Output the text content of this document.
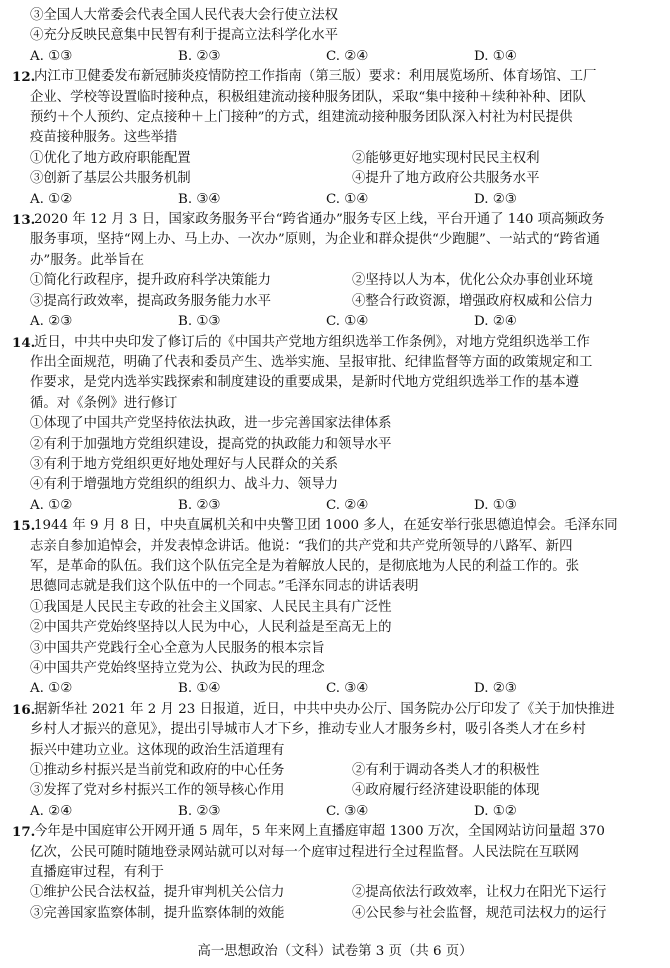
③全国人大常委会代表全国人民代表大会行使立法权
④充分反映民意集中民智有利于提高立法科学化水平
A. ①③	B. ②③	C. ②④	D. ①④
12.
内江市卫健委发布新冠肺炎疫情防控工作指南（第三版）要求：利用展览场所、体育场馆、工厂
企业、学校等设置临时接种点，积极组建流动接种服务团队，采取“集中接种＋续种补种、团队
预约＋个人预约、定点接种＋上门接种”的方式，组建流动接种服务团队深入村社为村民提供
疫苗接种服务。这些举措
①优化了地方政府职能配置	②能够更好地实现村民民主权利
③创新了基层公共服务机制	④提升了地方政府公共服务水平
A. ①②	B. ③④	C. ①④	D. ②③
13.
2020 年 12 月 3 日，国家政务服务平台“跨省通办”服务专区上线，平台开通了 140 项高频政务
服务事项，坚持“网上办、马上办、一次办”原则，为企业和群众提供“少跑腿”、一站式的“跨省通
办”服务。此举旨在
①简化行政程序，提升政府科学决策能力	②坚持以人为本，优化公众办事创业环境
③提高行政效率，提高政务服务能力水平	④整合行政资源，增强政府权威和公信力
A. ②③	B. ①③	C. ①④	D. ②④
14.
近日，中共中央印发了修订后的《中国共产党地方组织选举工作条例》，对地方党组织选举工作
作出全面规范，明确了代表和委员产生、选举实施、呈报审批、纪律监督等方面的政策规定和工
作要求，是党内选举实践探索和制度建设的重要成果，是新时代地方党组织选举工作的基本遵
循。对《条例》进行修订
①体现了中国共产党坚持依法执政，进一步完善国家法律体系
②有利于加强地方党组织建设，提高党的执政能力和领导水平
③有利于地方党组织更好地处理好与人民群众的关系
④有利于增强地方党组织的组织力、战斗力、领导力
A. ①②	B. ②③	C. ②④	D. ①③
15.
1944 年 9 月 8 日，中央直属机关和中央警卫团 1000 多人，在延安举行张思德追悼会。毛泽东同
志亲自参加追悼会，并发表悼念讲话。他说：“我们的共产党和共产党所领导的八路军、新四
军，是革命的队伍。我们这个队伍完全是为着解放人民的，是彻底地为人民的利益工作的。张
思德同志就是我们这个队伍中的一个同志。”毛泽东同志的讲话表明
①我国是人民民主专政的社会主义国家、人民民主具有广泛性
②中国共产党始终坚持以人民为中心，人民利益是至高无上的
③中国共产党践行全心全意为人民服务的根本宗旨
④中国共产党始终坚持立党为公、执政为民的理念
A. ①②	B. ①④	C. ③④	D. ②③
16.
据新华社 2021 年 2 月 23 日报道，近日，中共中央办公厅、国务院办公厅印发了《关于加快推进
乡村人才振兴的意见》，提出引导城市人才下乡，推动专业人才服务乡村，吸引各类人才在乡村
振兴中建功立业。这体现的政治生活道理有
①推动乡村振兴是当前党和政府的中心任务	②有利于调动各类人才的积极性
③发挥了党对乡村振兴工作的领导核心作用	④政府履行经济建设职能的体现
A. ②④	B. ②③	C. ③④	D. ①②
17.
今年是中国庭审公开网开通 5 周年，5 年来网上直播庭审超 1300 万次，全国网站访问量超 370
亿次，公民可随时随地登录网站就可以对每一个庭审过程进行全过程监督。人民法院在互联网
直播庭审过程，有利于
①维护公民合法权益，提升审判机关公信力	②提高依法行政效率，让权力在阳光下运行
③完善国家监察体制，提升监察体制的效能	④公民参与社会监督，规范司法权力的运行
高一思想政治（文科）试卷第 3 页（共 6 页）
